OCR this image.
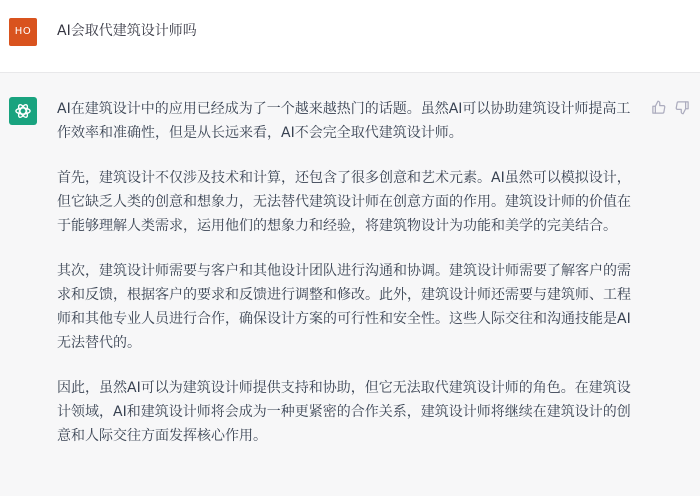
HO	AI会取代建筑设计师吗

AI在建筑设计中的应用已经成为了一个越来越热门的话题。虽然AI可以协助建筑设计师提高工作效率和准确性，但是从长远来看，AI不会完全取代建筑设计师。

首先，建筑设计不仅涉及技术和计算，还包含了很多创意和艺术元素。AI虽然可以模拟设计，但它缺乏人类的创意和想象力，无法替代建筑设计师在创意方面的作用。建筑设计师的价值在于能够理解人类需求，运用他们的想象力和经验，将建筑物设计为功能和美学的完美结合。

其次，建筑设计师需要与客户和其他设计团队进行沟通和协调。建筑设计师需要了解客户的需求和反馈，根据客户的要求和反馈进行调整和修改。此外，建筑设计师还需要与建筑师、工程师和其他专业人员进行合作，确保设计方案的可行性和安全性。这些人际交往和沟通技能是AI无法替代的。

因此，虽然AI可以为建筑设计师提供支持和协助，但它无法取代建筑设计师的角色。在建筑设计领域，AI和建筑设计师将会成为一种更紧密的合作关系，建筑设计师将继续在建筑设计的创意和人际交往方面发挥核心作用。
